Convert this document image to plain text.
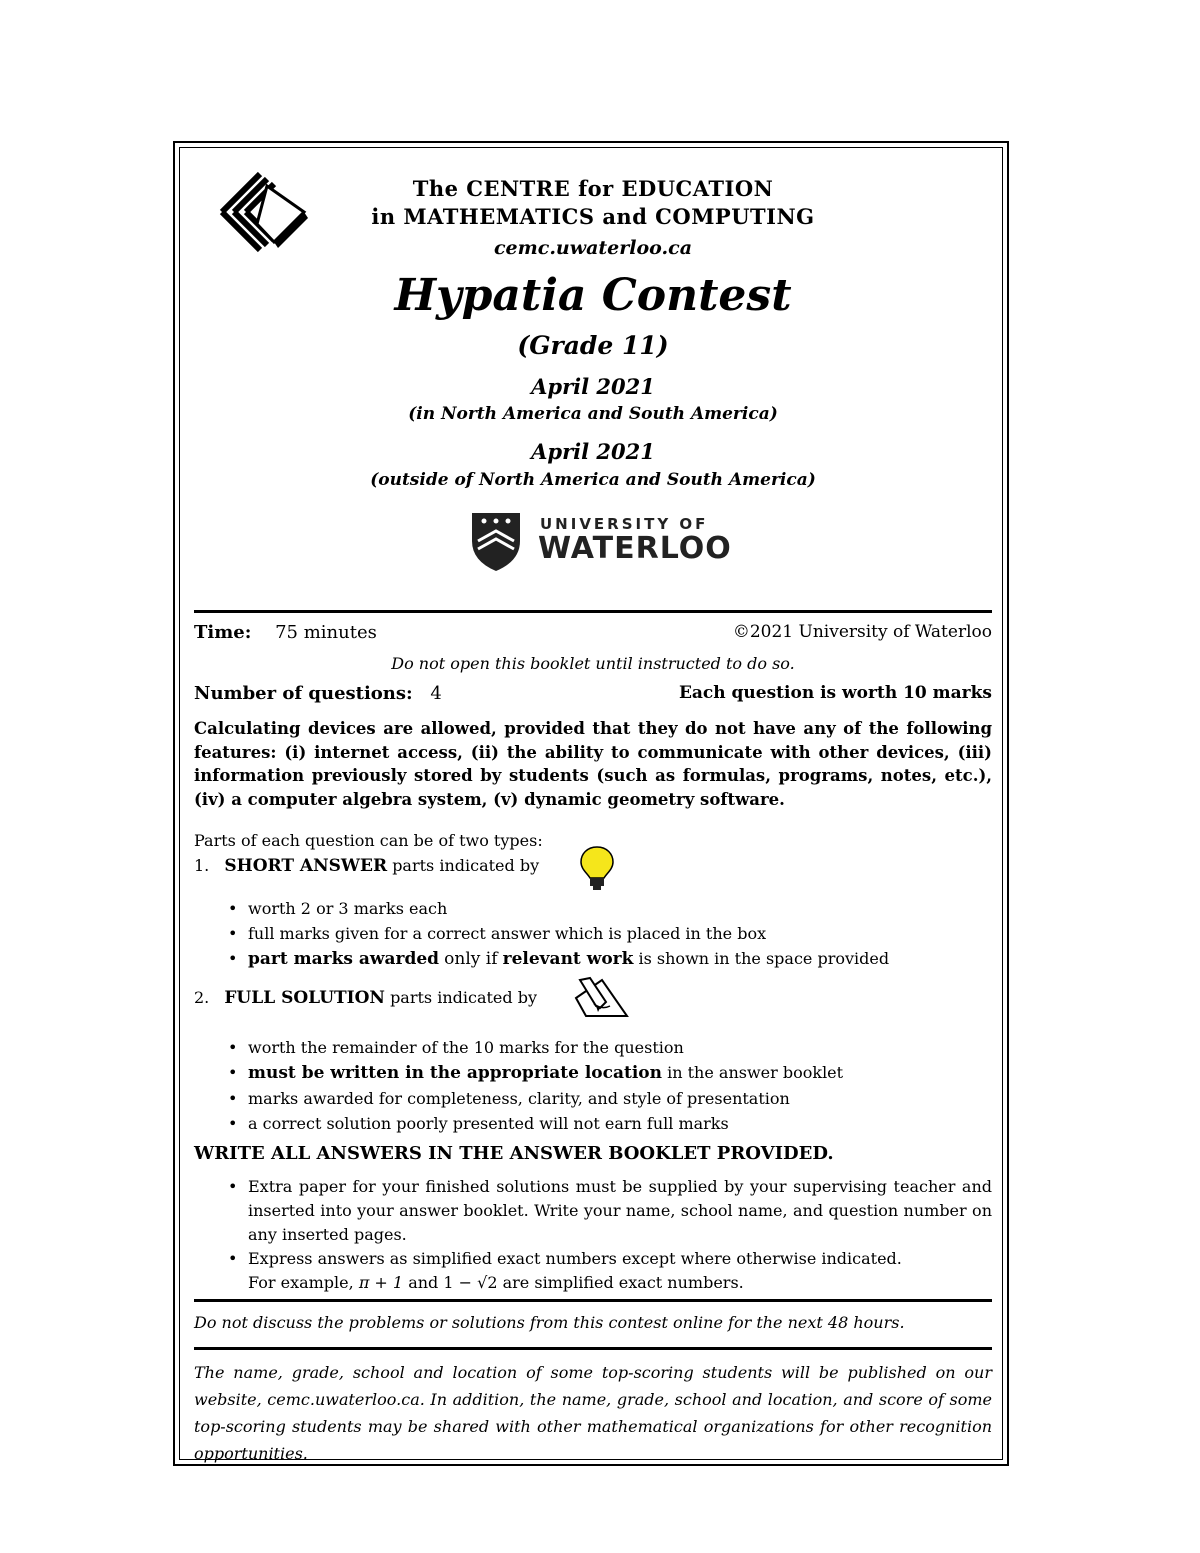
The CENTRE for EDUCATION
in MATHEMATICS and COMPUTING
cemc.uwaterloo.ca
Hypatia Contest
(Grade 11)
April 2021
(in North America and South America)
April 2021
(outside of North America and South America)
UNIVERSITY OF
WATERLOO
Time: 75 minutes	©2021 University of Waterloo
Do not open this booklet until instructed to do so.
Number of questions: 4	Each question is worth 10 marks
Calculating devices are allowed, provided that they do not have any of the following features: (i) internet access, (ii) the ability to communicate with other devices, (iii) information previously stored by students (such as formulas, programs, notes, etc.), (iv) a computer algebra system, (v) dynamic geometry software.
Parts of each question can be of two types:
1. SHORT ANSWER parts indicated by
• worth 2 or 3 marks each
• full marks given for a correct answer which is placed in the box
• part marks awarded only if relevant work is shown in the space provided
2. FULL SOLUTION parts indicated by
• worth the remainder of the 10 marks for the question
• must be written in the appropriate location in the answer booklet
• marks awarded for completeness, clarity, and style of presentation
• a correct solution poorly presented will not earn full marks
WRITE ALL ANSWERS IN THE ANSWER BOOKLET PROVIDED.
• Extra paper for your finished solutions must be supplied by your supervising teacher and inserted into your answer booklet. Write your name, school name, and question number on any inserted pages.
• Express answers as simplified exact numbers except where otherwise indicated.
For example, π + 1 and 1 − √2 are simplified exact numbers.
Do not discuss the problems or solutions from this contest online for the next 48 hours.
The name, grade, school and location of some top-scoring students will be published on our website, cemc.uwaterloo.ca. In addition, the name, grade, school and location, and score of some top-scoring students may be shared with other mathematical organizations for other recognition opportunities.
